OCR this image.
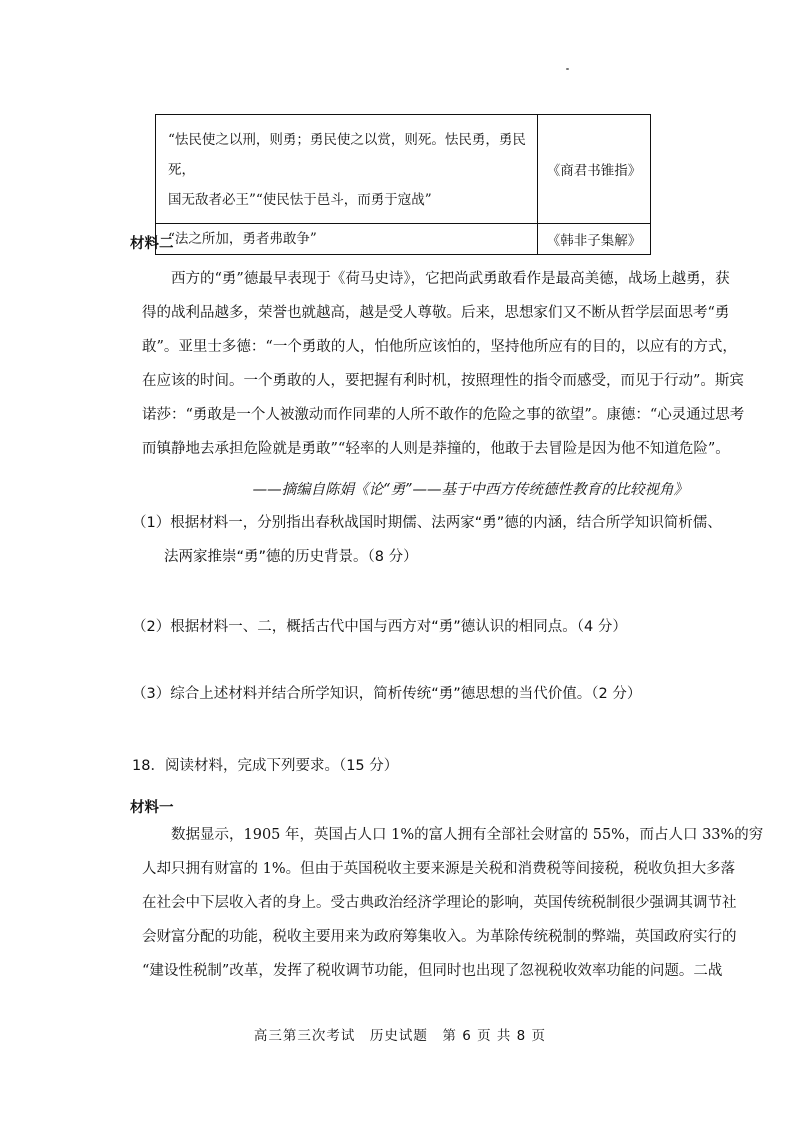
“怯民使之以刑，则勇；勇民使之以赏，则死。怯民勇，勇民死，
国无敌者必王”“使民怯于邑斗，而勇于寇战”	《商君书锥指》

“法之所加，勇者弗敢争”	《韩非子集解》
材料二
西方的“勇”德最早表现于《荷马史诗》，它把尚武勇敢看作是最高美德，战场上越勇，获
得的战利品越多，荣誉也就越高，越是受人尊敬。后来，思想家们又不断从哲学层面思考“勇
敢”。亚里士多德：“一个勇敢的人，怕他所应该怕的，坚持他所应有的目的，以应有的方式，
在应该的时间。一个勇敢的人，要把握有利时机，按照理性的指令而感受，而见于行动”。斯宾
诺莎：“勇敢是一个人被激动而作同辈的人所不敢作的危险之事的欲望”。康德：“心灵通过思考
而镇静地去承担危险就是勇敢”“轻率的人则是莽撞的，他敢于去冒险是因为他不知道危险”。
——摘编自陈娟《论“勇”——基于中西方传统德性教育的比较视角》
（1）根据材料一，分别指出春秋战国时期儒、法两家“勇”德的内涵，结合所学知识简析儒、
法两家推崇“勇”德的历史背景。（8 分）
（2）根据材料一、二，概括古代中国与西方对“勇”德认识的相同点。（4 分）
（3）综合上述材料并结合所学知识，简析传统“勇”德思想的当代价值。（2 分）
18．阅读材料，完成下列要求。（15 分）
材料一
数据显示，1905 年，英国占人口 1%的富人拥有全部社会财富的 55%，而占人口 33%的穷
人却只拥有财富的 1%。但由于英国税收主要来源是关税和消费税等间接税，税收负担大多落
在社会中下层收入者的身上。受古典政治经济学理论的影响，英国传统税制很少强调其调节社
会财富分配的功能，税收主要用来为政府筹集收入。为革除传统税制的弊端，英国政府实行的
“建设性税制”改革，发挥了税收调节功能，但同时也出现了忽视税收效率功能的问题。二战
高三第三次考试　历史试题　第 6 页 共 8 页
